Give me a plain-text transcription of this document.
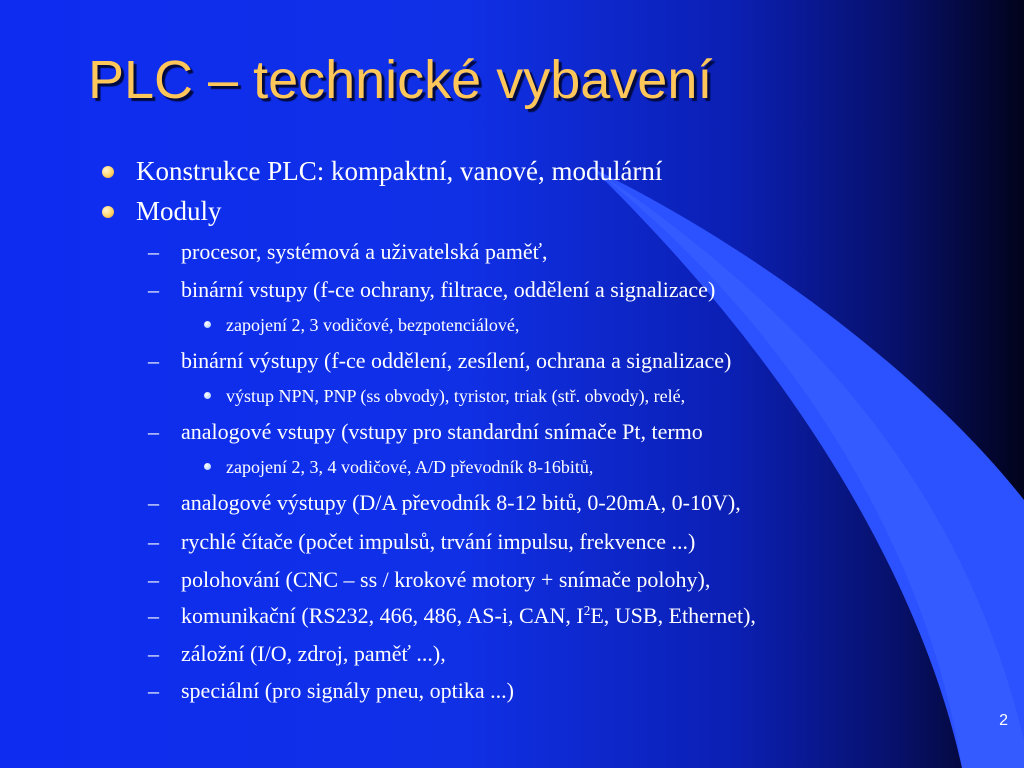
PLC – technické vybavení
Konstrukce PLC: kompaktní, vanové, modulární
Moduly
– procesor, systémová a uživatelská paměť,
– binární vstupy (f-ce ochrany, filtrace, oddělení a signalizace)
zapojení 2, 3 vodičové, bezpotenciálové,
– binární výstupy (f-ce oddělení, zesílení, ochrana a signalizace)
výstup NPN, PNP (ss obvody), tyristor, triak (stř. obvody), relé,
– analogové vstupy (vstupy pro standardní snímače Pt, termo
zapojení 2, 3, 4 vodičové, A/D převodník 8-16bitů,
– analogové výstupy (D/A převodník 8-12 bitů, 0-20mA, 0-10V),
– rychlé čítače (počet impulsů, trvání impulsu, frekvence ...)
– polohování (CNC – ss / krokové motory + snímače polohy),
– komunikační (RS232, 466, 486, AS-i, CAN, $I^2E$, USB, Ethernet),
– záložní (I/O, zdroj, paměť ...),
– speciální (pro signály pneu, optika ...)
2
